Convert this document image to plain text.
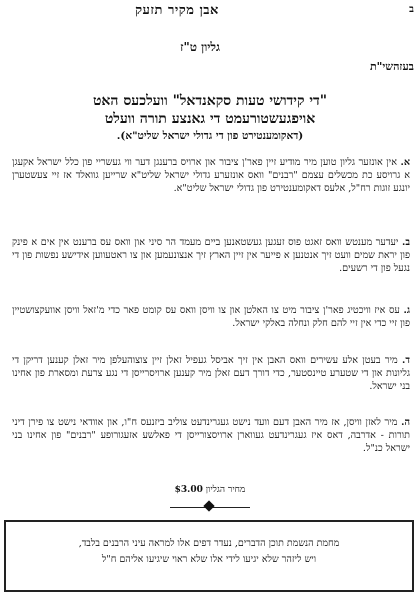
ב
אבן מקיר תזעק
גליון ט"ז
בעזהשי"ת
"די קידושי טעות סקאנדאל" וועלכעס האט
אויפגעשטורעמט די גאנצע תורה וועלט
(דאקומענטירט פון די גדולי ישראל שליט"א).

א. אין אונזער גליון טוען מיר מודיע זיין פאר'ן ציבור און ארויס ברענגן דער ווי געשריי פון כלל ישראל אקעגן א גרויסע כת מכשלים עצמם "רבנים" וואס אונזערע גדולי ישראל שליט"א שרייען גוואלד אז זיי צעשטערן יונגע זוגות רח"ל, אלעס דאקומענטירט פון גדולי ישראל שליט"א.

ב. יעדער מענטש וואס זאגט פוס זעגען געשטאנען ביים מעמד הר סיני און וואס עס ברענט אין אים א פינק פון יראת שמים וועט זיך אנטנען א פייער אין זיין הארץ זיך אנצונעמען און צו ראטעווען אידישע נפשות פון די נגעל פון די רשעים.

ג. עס איז וויכטיג פאר'ן ציבור מיט צו האלטן און צו וויסן וואס עס קומט פאר כדי מ'זאל וויסן אוועקצושטיין פון זיי כדי אין זיי להם חלק ונחלה באלקי ישראל.

ד. מיר בעטן אלע עשירים וואס האבן אין זיך אביסל געפיל זאלן זיין צוצוהעלפן מיר זאלן קענען דריקן די גליונות און די שטערע טיינסטער, כדי דורך דעם זאלן מיר קענען ארויסרייסן די נגע צרעת ומסארת פון אחינו בני ישראל.

ה. מיר לאזן וויסן, אז מיר האבן דעם וועד נישט געגרינדעט צוליב ביזנעס ח"ו, און אוודאי נישט צו פירן דיני תורות - אדרבה, דאס איז געגרינדעט געווארן ארויסצורייסן די פאלשע אזעגורופע "רבנים" פון אחינו בני ישראל כנ"ל.

מחיר הגליון $3.00
מחמת הנשמת תוכן הדברים, נעדר דפים אלו למראה עיני הרבנים בלבד,
ויש ליזהר שלא יגיעו לידי אלו שלא ראוי שיגיעו אליהם ח"ל
